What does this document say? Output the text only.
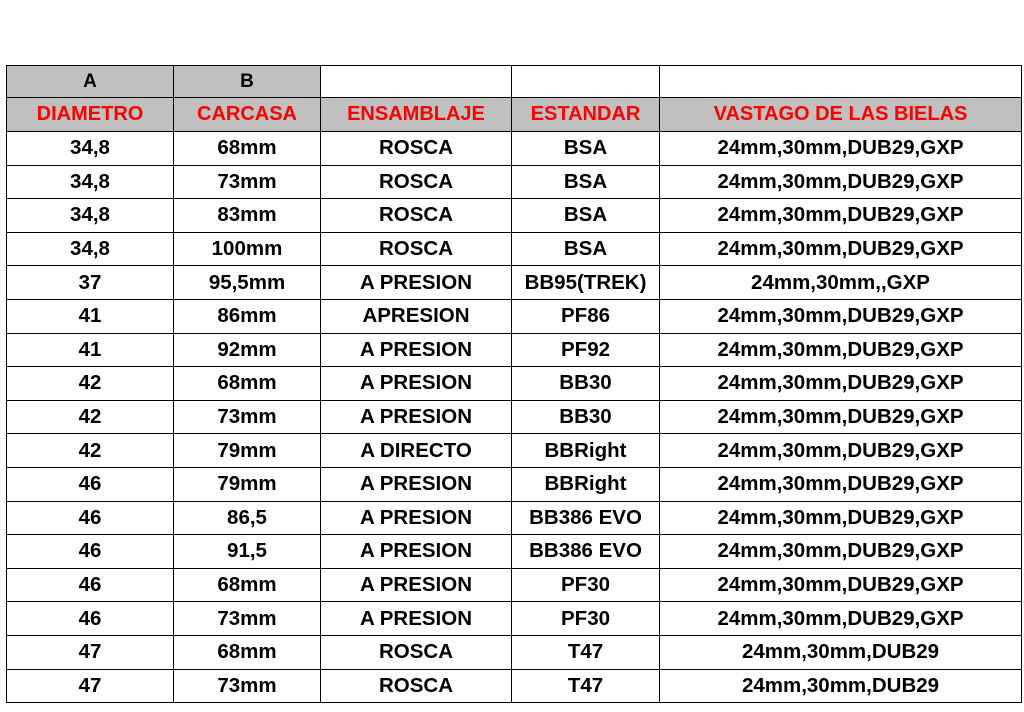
A	B			
DIAMETRO	CARCASA	ENSAMBLAJE	ESTANDAR	VASTAGO DE LAS BIELAS
34,8	68mm	ROSCA	BSA	24mm,30mm,DUB29,GXP
34,8	73mm	ROSCA	BSA	24mm,30mm,DUB29,GXP
34,8	83mm	ROSCA	BSA	24mm,30mm,DUB29,GXP
34,8	100mm	ROSCA	BSA	24mm,30mm,DUB29,GXP
37	95,5mm	A PRESION	BB95(TREK)	24mm,30mm,,GXP
41	86mm	APRESION	PF86	24mm,30mm,DUB29,GXP
41	92mm	A PRESION	PF92	24mm,30mm,DUB29,GXP
42	68mm	A PRESION	BB30	24mm,30mm,DUB29,GXP
42	73mm	A PRESION	BB30	24mm,30mm,DUB29,GXP
42	79mm	A DIRECTO	BBRight	24mm,30mm,DUB29,GXP
46	79mm	A PRESION	BBRight	24mm,30mm,DUB29,GXP
46	86,5	A PRESION	BB386 EVO	24mm,30mm,DUB29,GXP
46	91,5	A PRESION	BB386 EVO	24mm,30mm,DUB29,GXP
46	68mm	A PRESION	PF30	24mm,30mm,DUB29,GXP
46	73mm	A PRESION	PF30	24mm,30mm,DUB29,GXP
47	68mm	ROSCA	T47	24mm,30mm,DUB29
47	73mm	ROSCA	T47	24mm,30mm,DUB29
